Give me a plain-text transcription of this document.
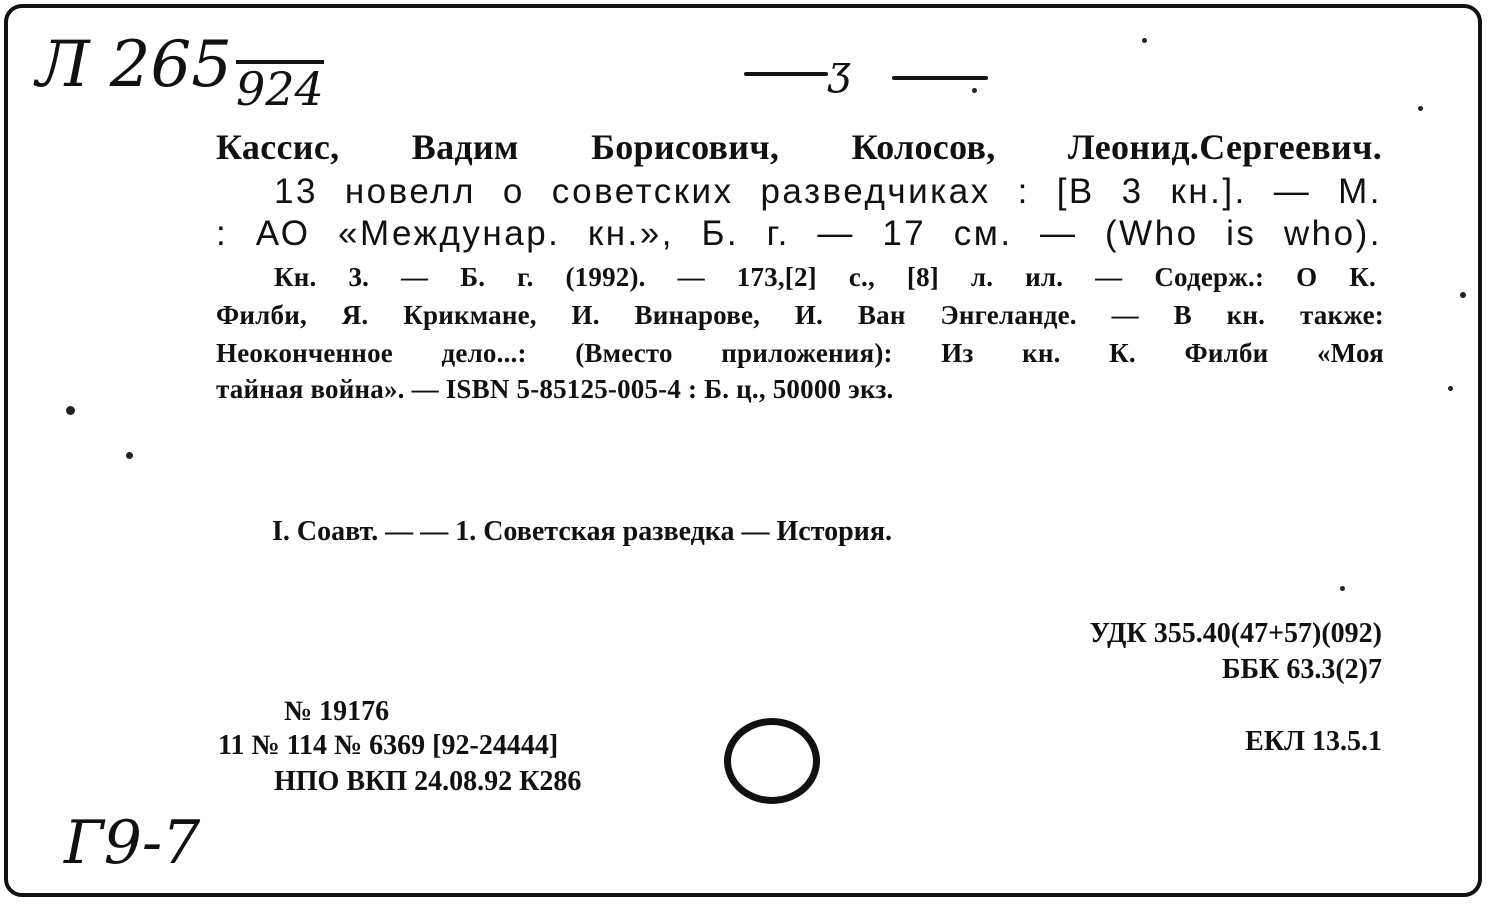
Л 265 924	ʒ
Кассис, Вадим Борисович, Колосов, Леонид.Сергеевич.
13 новелл о советских разведчиках : [В 3 кн.]. — М.
: АО «Междунар. кн.», Б. г. — 17 см. — (Who is who).
Кн. 3. — Б. г. (1992). — 173,[2] с., [8] л. ил. — Содерж.: О К.
Филби, Я. Крикмане, И. Винарове, И. Ван Энгеланде. — В кн. также:
Неоконченное дело...: (Вместо приложения): Из кн. К. Филби «Моя
тайная война». — ISBN 5-85125-005-4 : Б. ц., 50000 экз.
I. Соавт. — — 1. Советская разведка — История.
УДК 355.40(47+57)(092)
ББК 63.3(2)7
ЕКЛ 13.5.1
№ 19176
11 № 114 № 6369 [92-24444]
НПО ВКП 24.08.92 К286
Г9-7
